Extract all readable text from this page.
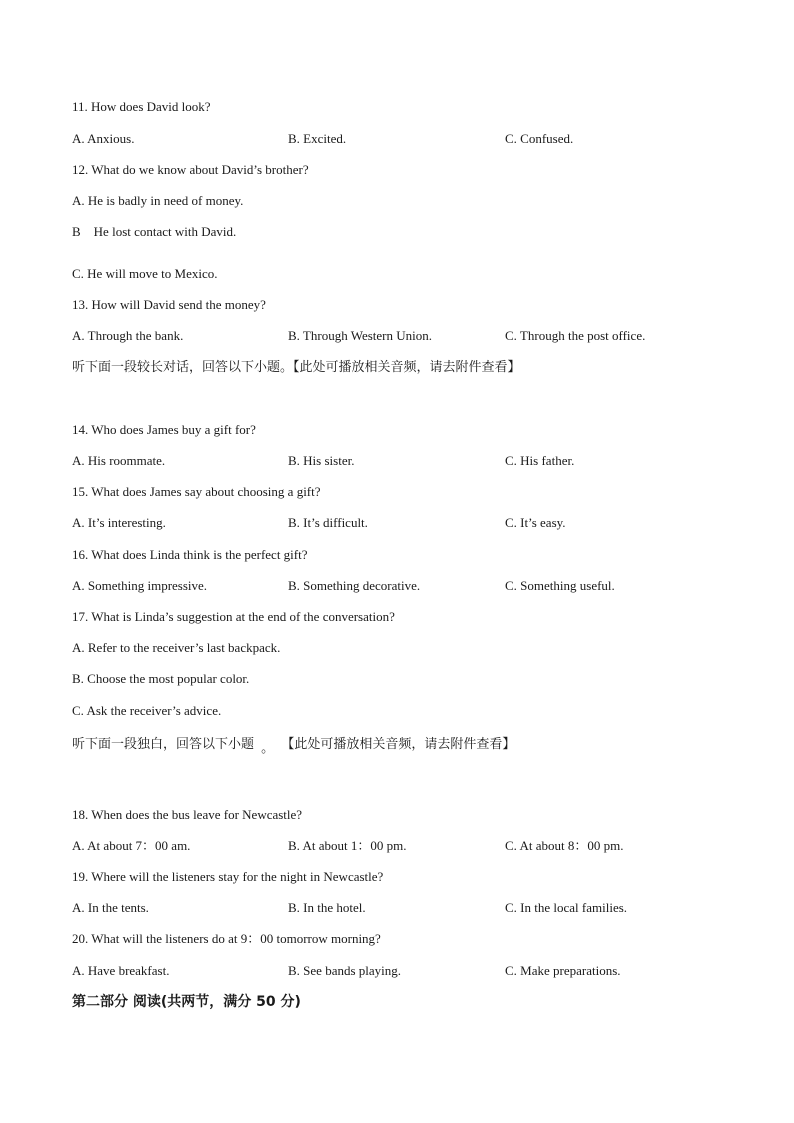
11. How does David look?
A. Anxious.	B. Excited.	C. Confused.
12. What do we know about David’s brother?
A. He is badly in need of money.
B    He lost contact with David.
C. He will move to Mexico.
13. How will David send the money?
A. Through the bank.	B. Through Western Union.	C. Through the post office.
听下面一段较长对话，回答以下小题。【此处可播放相关音频，请去附件查看】
14. Who does James buy a gift for?
A. His roommate.	B. His sister.	C. His father.
15. What does James say about choosing a gift?
A. It’s interesting.	B. It’s difficult.	C. It’s easy.
16. What does Linda think is the perfect gift?
A. Something impressive.	B. Something decorative.	C. Something useful.
17. What is Linda’s suggestion at the end of the conversation?
A. Refer to the receiver’s last backpack.
B. Choose the most popular color.
C. Ask the receiver’s advice.
听下面一段独白，回答以下小题 。 【此处可播放相关音频，请去附件查看】
18. When does the bus leave for Newcastle?
A. At about 7：00 am.	B. At about 1：00 pm.	C. At about 8：00 pm.
19. Where will the listeners stay for the night in Newcastle?
A. In the tents.	B. In the hotel.	C. In the local families.
20. What will the listeners do at 9：00 tomorrow morning?
A. Have breakfast.	B. See bands playing.	C. Make preparations.
第二部分 阅读(共两节，满分 50 分)
